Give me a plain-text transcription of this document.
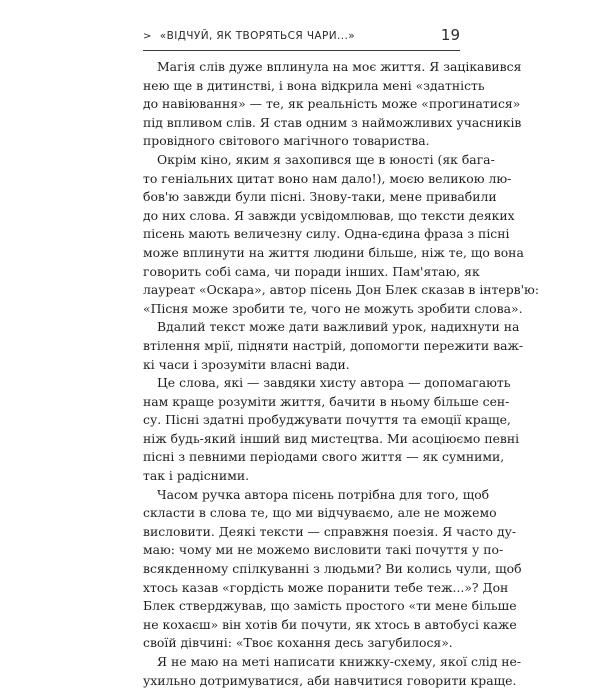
> «ВІДЧУЙ, ЯК ТВОРЯТЬСЯ ЧАРИ...»	19
Магія слів дуже вплинула на моє життя. Я зацікавився
нею ще в дитинстві, і вона відкрила мені «здатність
до навіювання» — те, як реальність може «прогинатися»
під впливом слів. Я став одним з найможливих учасників
провідного світового магічного товариства.
Окрім кіно, яким я захопився ще в юності (як бага-
то геніальних цитат воно нам дало!), моєю великою лю-
бов'ю завжди були пісні. Знову-таки, мене привабили
до них слова. Я завжди усвідомлював, що тексти деяких
пісень мають величезну силу. Одна-єдина фраза з пісні
може вплинути на життя людини більше, ніж те, що вона
говорить собі сама, чи поради інших. Пам'ятаю, як
лауреат «Оскара», автор пісень Дон Блек сказав в інтерв'ю:
«Пісня може зробити те, чого не можуть зробити слова».
Вдалий текст може дати важливий урок, надихнути на
втілення мрії, підняти настрій, допомогти пережити важ-
кі часи і зрозуміти власні вади.
Це слова, які — завдяки хисту автора — допомагають
нам краще розуміти життя, бачити в ньому більше сен-
су. Пісні здатні пробуджувати почуття та емоції краще,
ніж будь-який інший вид мистецтва. Ми асоціюємо певні
пісні з певними періодами свого життя — як сумними,
так і радісними.
Часом ручка автора пісень потрібна для того, щоб
скласти в слова те, що ми відчуваємо, але не можемо
висловити. Деякі тексти — справжня поезія. Я часто ду-
маю: чому ми не можемо висловити такі почуття у по-
всякденному спілкуванні з людьми? Ви колись чули, щоб
хтось казав «гордість може поранити тебе теж...»? Дон
Блек стверджував, що замість простого «ти мене більше
не кохаєш» він хотів би почути, як хтось в автобусі каже
своїй дівчині: «Твоє кохання десь загубилося».
Я не маю на меті написати книжку-схему, якої слід не-
ухильно дотримуватися, аби навчитися говорити краще.
